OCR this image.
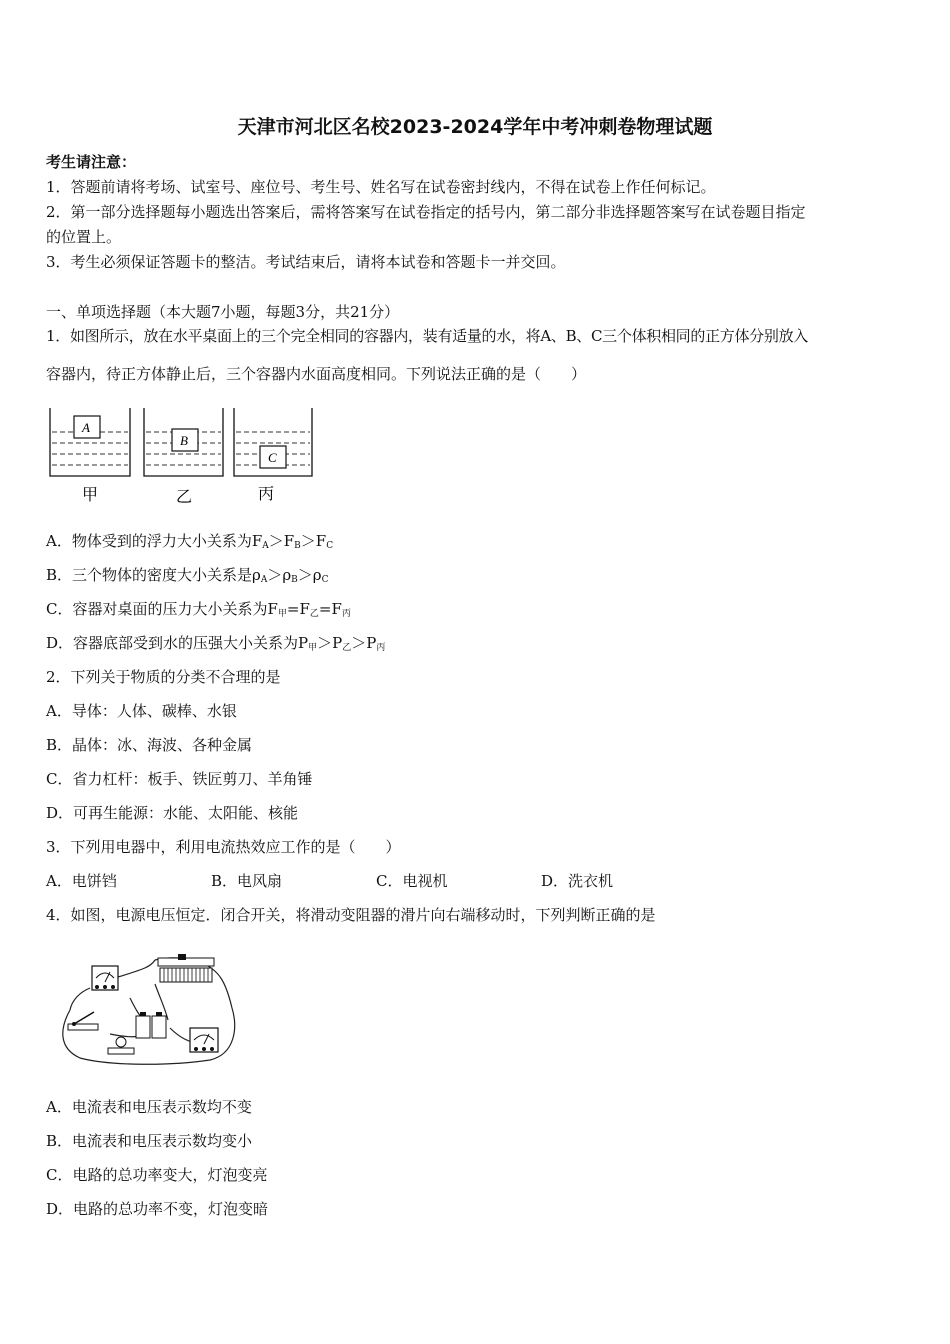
天津市河北区名校2023-2024学年中考冲刺卷物理试题
考生请注意：
1．答题前请将考场、试室号、座位号、考生号、姓名写在试卷密封线内，不得在试卷上作任何标记。
2．第一部分选择题每小题选出答案后，需将答案写在试卷指定的括号内，第二部分非选择题答案写在试卷题目指定
的位置上。
3．考生必须保证答题卡的整洁。考试结束后，请将本试卷和答题卡一并交回。
一、单项选择题（本大题7小题，每题3分，共21分）
1．如图所示，放在水平桌面上的三个完全相同的容器内，装有适量的水，将A、B、C三个体积相同的正方体分别放入
容器内，待正方体静止后，三个容器内水面高度相同。下列说法正确的是（　　）
A
B
C
甲	乙	丙
A．物体受到的浮力大小关系为$F_A>F_B>F_C$
B．三个物体的密度大小关系是$\rho_A>\rho_B>\rho_C$
C．容器对桌面的压力大小关系为$F_甲=F_乙=F_丙$
D．容器底部受到水的压强大小关系为$P_甲>P_乙>P_丙$
2．下列关于物质的分类不合理的是
A．导体：人体、碳棒、水银
B．晶体：冰、海波、各种金属
C．省力杠杆：板手、铁匠剪刀、羊角锤
D．可再生能源：水能、太阳能、核能
3．下列用电器中，利用电流热效应工作的是（　　）
A．电饼铛	B．电风扇	C．电视机	D．洗衣机
4．如图，电源电压恒定．闭合开关，将滑动变阻器的滑片向右端移动时，下列判断正确的是
A．电流表和电压表示数均不变
B．电流表和电压表示数均变小
C．电路的总功率变大，灯泡变亮
D．电路的总功率不变，灯泡变暗
